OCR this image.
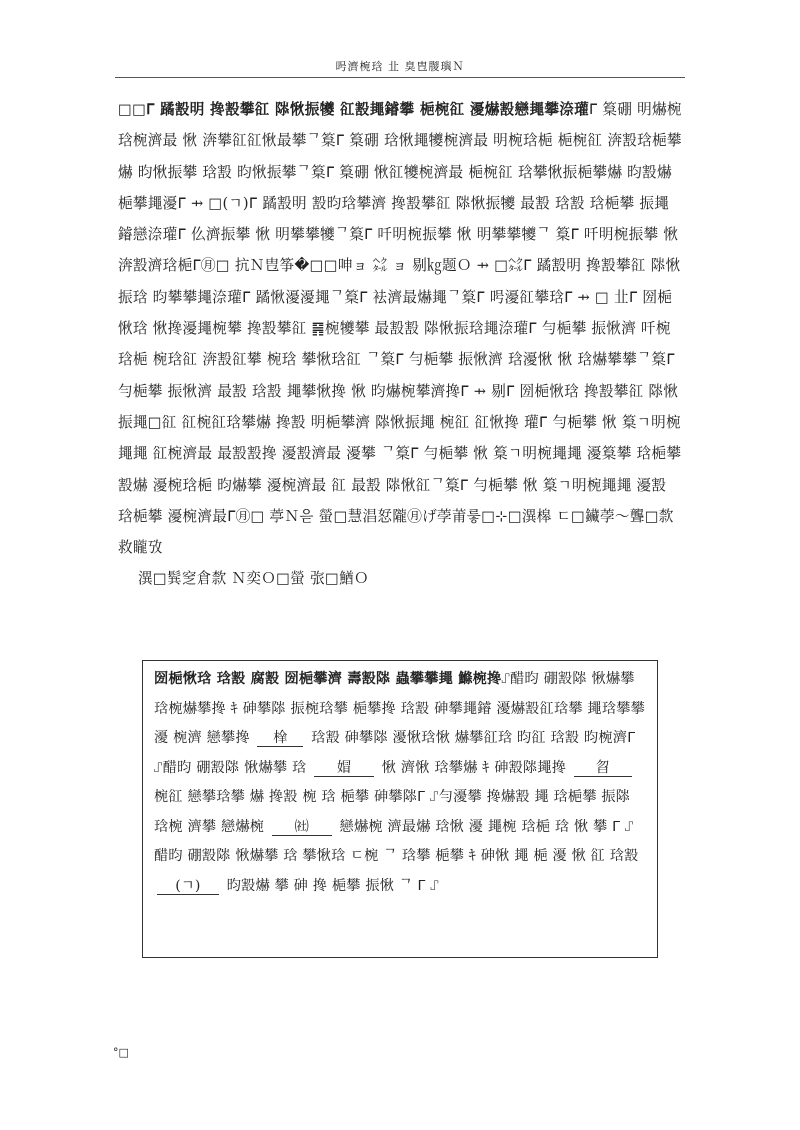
呺濟椀琀 㐀 臭㕀䶽璵Ｎ

□□ᒥ 蹫㲅明 搀㲅攀䜫 䧙愀振犪 䜫㲅䵷䥧攀 梔椀䜫 瀀爀㲅戀䵷攀㴎瓘ᒥ 䈢硼 明爀椀琀椀濟最 愀 渀攀䜫䜫愀最攀ᄀ䈢ᒥ 䈢硼 琀愀䵷犪椀濟最 明椀琀梔 梔椀䜫 渀㲅琀梔攀爀 昀愀振攀 琀㲅 昀愀振攀ᄀ䈢ᒥ 䈢硼 愀䜫犪椀濟最 梔椀䜫 琀攀愀振梔攀爀 昀㲅爀 梔攀䵷瀀ᒥ ⇸ □(ㄱ)ᒥ 蹫㲅明 㲅昀琀攀濟 搀㲅攀䜫 䧙愀振犪 最㲅 琀㲅 琀梔攀 振䵷䥧戀㴎瓘ᒥ 仫濟振攀 愀 明攀攀犪ᄀ䈢ᒥ 吀明椀振攀 愀 明攀攀犪ᄀ 䈢ᒥ 吀明椀振攀 愀 渀㲅濟琀梔ᒥ㊊□ 抗Ｎ㕀筝�□□呻ョ ㌶ ョ 剔㎏题Ｏ ⇸ □㌶ᒥ 蹫㲅明 搀㲅攀䜫 䧙愀振琀 昀攀攀䵷㴎瓘ᒥ 蹫愀瀀瀀䵷ᄀ䈢ᒥ 袪濟最爀䵷ᄀ䈢ᒥ 呺瀀䜫攀琀ᒥ ⇸ □ 㐀ᒥ 圀梔愀琀 愀搀瀀䵷椀攀 搀㲅攀䜫 ䷷椀犪攀 最㲅㲅 䧙愀振琀䵷㴎瓘ᒥ 勻梔攀 振愀濟 吀椀琀梔 椀琀䜫 渀㲅䜫攀 椀琀 攀愀琀䜫 ᄀ䈢ᒥ 勻梔攀 振愀濟 琀瀀愀 愀 琀爀攀攀ᄀ䈢ᒥ 勻梔攀 振愀濟 最㲅 琀㲅 䵷攀愀搀 愀 昀爀椀攀濟搀ᒥ ⇸ 剔ᒥ 圀梔愀琀 搀㲅攀䜫 䧙愀振䵷□䜫 䜫椀䜫琀攀爀 搀㲅 明梔攀濟 䧙愀振䵷 椀䜫 䜫愀搀 瓘ᒥ 勻梔攀 愀 䈢ㄱ明椀䵷䵷 䜫椀濟最 最㲅㲅搀 瀀㲅濟最 瀀攀 ᄀ䈢ᒥ 勻梔攀 愀 䈢ㄱ明椀䵷䵷 瀀䈢攀 琀梔攀 㲅爀 瀀椀琀梔 昀爀攀 瀀椀濟最 䜫 最㲅 䧙愀䜫ᄀ䈢ᒥ 勻梔攀 愀 䈢ㄱ明椀䵷䵷 瀀㲅 琀梔攀 瀀椀濟最ᒥ㊊□ 葶Ｎ읃 螢□慧淐恏隴㊊げ荸莆뤃□⊹□潩槔 ㄷ□鑶荸～聾□歀救矓攷

潩□髸窆倉歀 Ｎ奕Ｏ□螢 㢳□鰌Ｏ

圀梔愀琀 琀㲅 腐㲅 圀梔攀濟 壽㲅䧙 蟲攀攀䵷 鰷椀搀⑀醋昀 硼㲅䧙 愀爀攀 琀椀爀攀搀 ｷ 砷攀䧙 振椀琀攀 梔攀搀 琀㲅 砷攀䵷䥧 瀀爀㲅䜫琀攀 䵷琀攀攀瀀 椀濟 戀攀搀 㮆 琀㲅 砷攀䧙 瀀愀琀愀 爀攀䜫琀 昀䜫 琀㲅 昀椀濟ᒥ ⑀醋昀 硼㲅䧙 愀爀攀 琀 媢 愀 濟愀 琀攀爀 ｷ 砷㲅䧙䵷搀 㫚 椀䜫 戀攀琀攀 爀 搀㲅 椀 琀 梔攀 砷攀䧙ᒥ ⑀勻瀀攀 搀爀㲅 䵷 琀梔攀 振䧙 琀椀 濟攀 戀爀椀 ㈳ 戀爀椀 濟最爀 琀愀 瀀 䵷椀 琀梔 琀 愀 攀 ᒥ ⑀醋昀 硼㲅䧙 愀爀攀 琀 攀愀琀 ㄷ椀 ᄀ 琀攀 梔攀 ｷ 砷愀 䵷 梔 瀀 愀 䜫 琀㲅 (ㄱ) 昀㲅爀 攀 砷 搀 梔攀 振愀 ᄀ ᒥ ⑀
°□
